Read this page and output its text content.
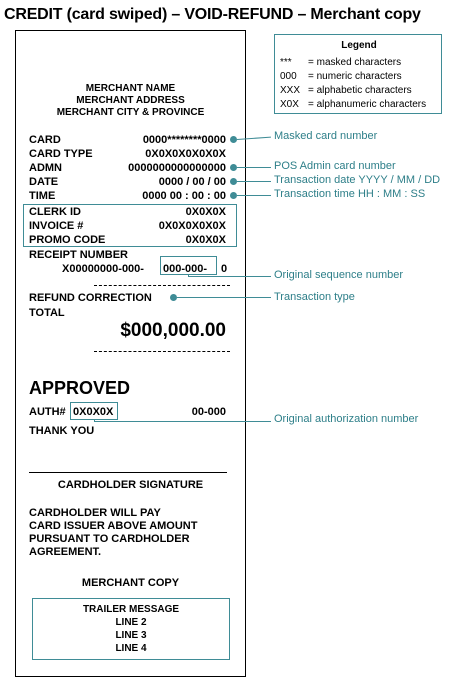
CREDIT (card swiped) – VOID-REFUND – Merchant copy
Legend
*** = masked characters
000 = numeric characters
XXX = alphabetic characters
X0X = alphanumeric characters
MERCHANT NAME
MERCHANT ADDRESS
MERCHANT CITY & PROVINCE
CARD	0000********0000
CARD TYPE	0X0X0X0X0X0X
ADMN	0000000000000000
DATE	0000 / 00 / 00
TIME	0000 00 : 00 : 00
CLERK ID	0X0X0X
INVOICE #	0X0X0X0X0X
PROMO CODE	0X0X0X
RECEIPT NUMBER
X00000000-000- 000-000- 0
REFUND CORRECTION
TOTAL
$000,000.00
APPROVED
AUTH# 0X0X0X	00-000
THANK YOU
CARDHOLDER SIGNATURE
CARDHOLDER WILL PAY
CARD ISSUER ABOVE AMOUNT
PURSUANT TO CARDHOLDER
AGREEMENT.
MERCHANT COPY
TRAILER MESSAGE
LINE 2
LINE 3
LINE 4
Masked card number
POS Admin card number
Transaction date YYYY / MM / DD
Transaction time HH : MM : SS
Original sequence number
Transaction type
Original authorization number
